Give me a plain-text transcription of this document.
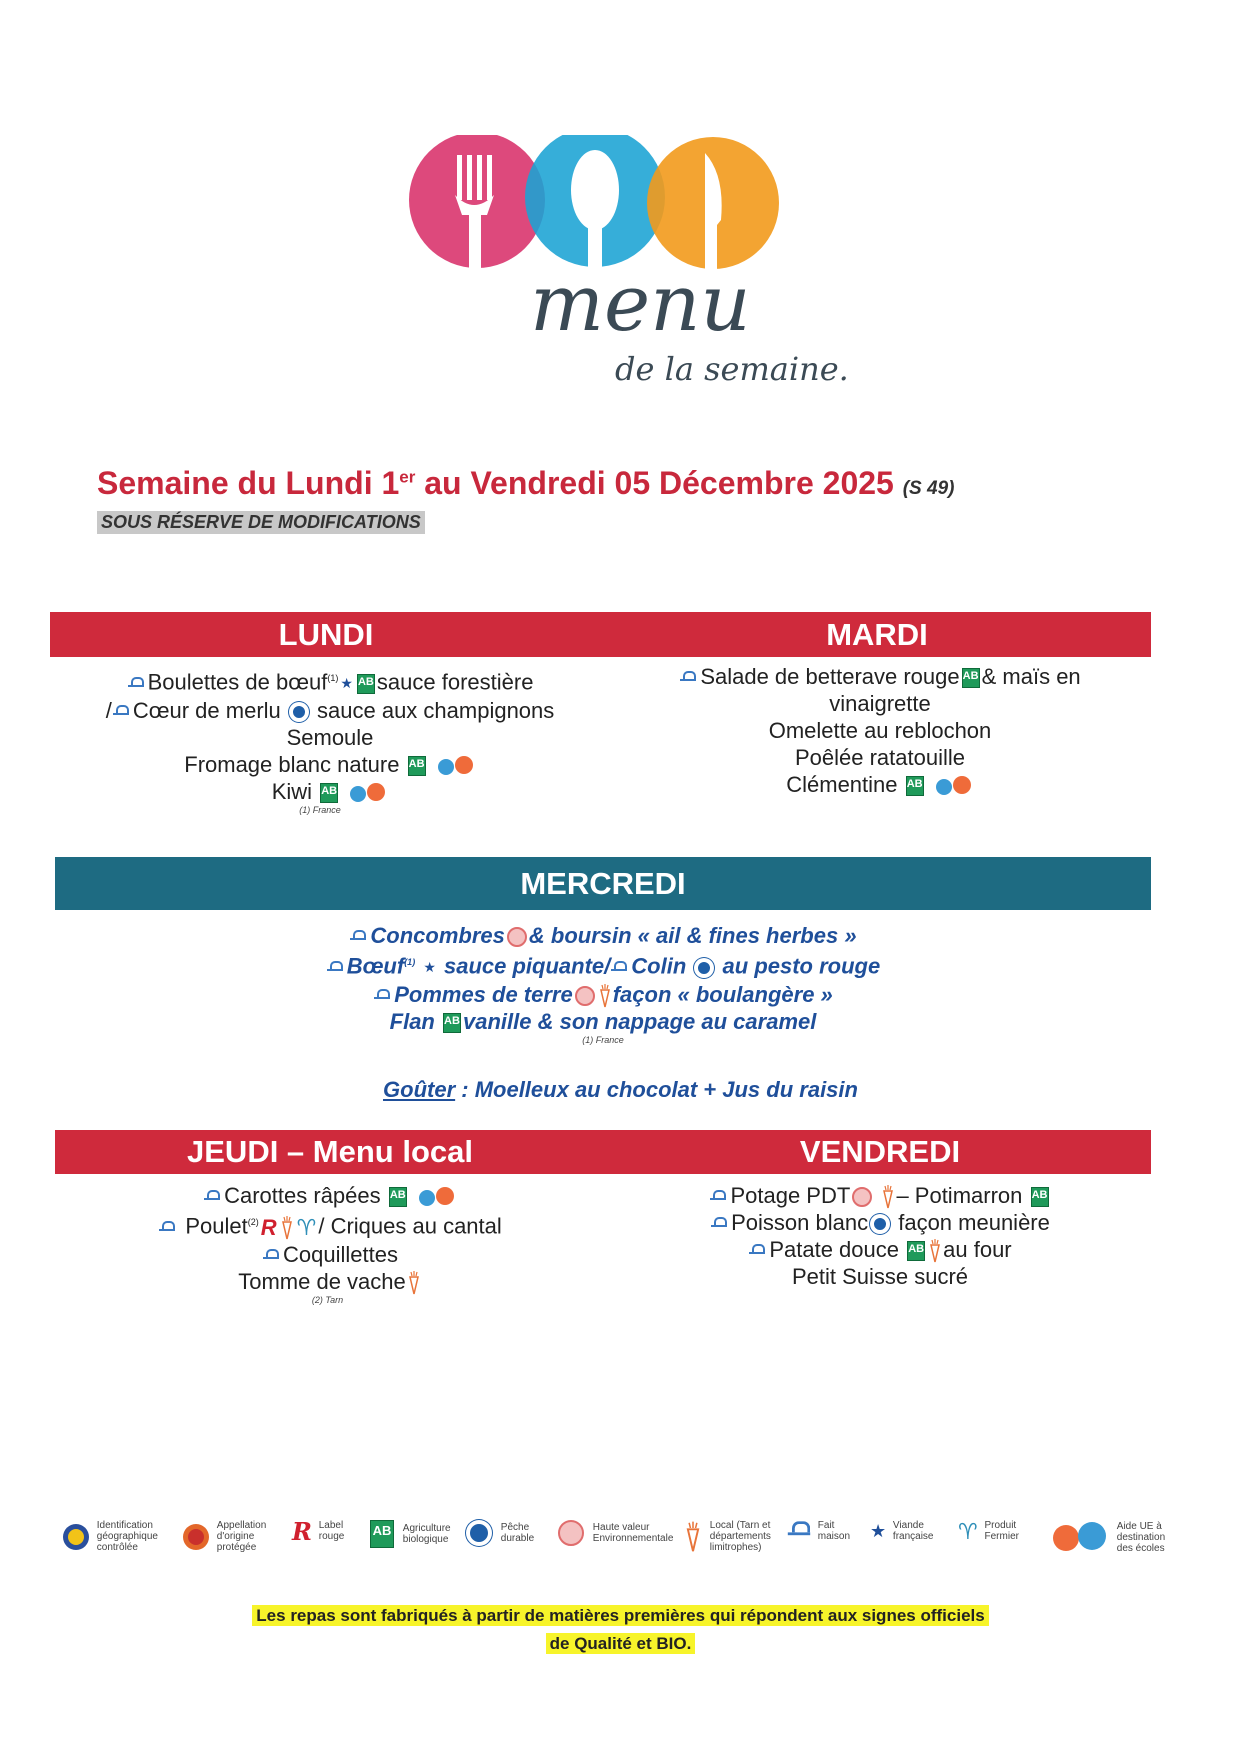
menu
de la semaine.
Semaine du Lundi 1er au Vendredi 05 Décembre 2025 (S 49)
SOUS RÉSERVE DE MODIFICATIONS
LUNDI	MARDI
Boulettes de bœuf$^{(1)}$ ★ AB sauce forestière
/ Cœur de merlu sauce aux champignons
Semoule
Fromage blanc nature AB
Kiwi AB
(1) France
Salade de betterave rouge AB & maïs en
vinaigrette
Omelette au reblochon
Poêlée ratatouille
Clémentine AB
MERCREDI
Concombres & boursin « ail & fines herbes »
Bœuf$^{(1)}$ ★ sauce piquante/ Colin au pesto rouge
Pommes de terre façon « boulangère »
Flan AB vanille & son nappage au caramel
(1) France
Goûter : Moelleux au chocolat + Jus du raisin
JEUDI – Menu local	VENDREDI
Carottes râpées AB
Poulet$^{(2)}$R ♈/ Criques au cantal
Coquillettes
Tomme de vache
(2) Tarn
Potage PDT – Potimarron AB
Poisson blanc façon meunière
Patate douce AB au four
Petit Suisse sucré
Identification
géographique
contrôlée
Appellation
d'origine
protégée
R Label
rouge	AB Agriculture
biologique
Pêche
durable
Haute valeur
Environnementale
Local (Tarn et
départements
limitrophes)
Fait
maison ★ Viande
française ♈ Produit
Fermier
Aide UE à
destination
des écoles
Les repas sont fabriqués à partir de matières premières qui répondent aux signes officiels
de Qualité et BIO.
